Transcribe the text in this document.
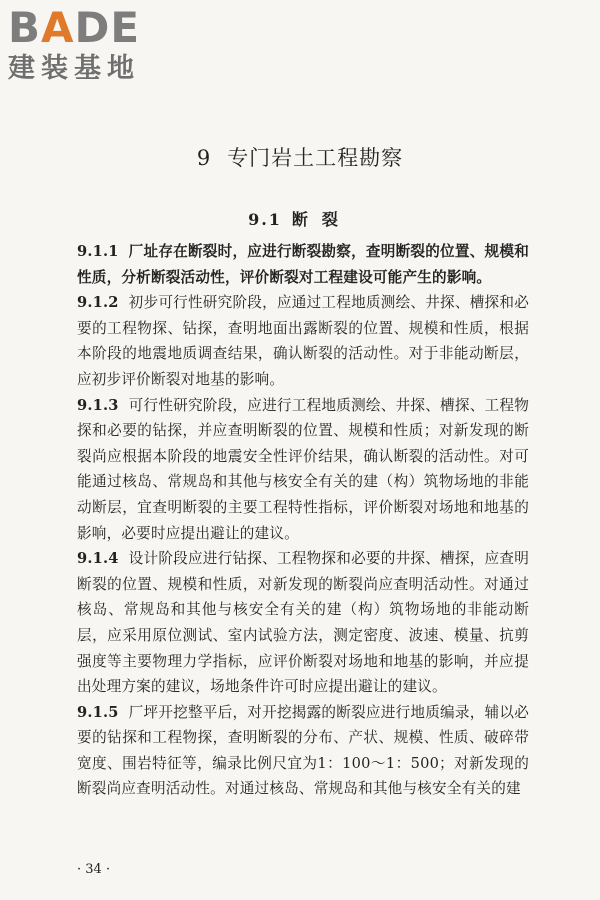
BADE
建装基地
9 专门岩土工程勘察
9.1 断裂

9.1.1 厂址存在断裂时，应进行断裂勘察，查明断裂的位置、规模和性质，分析断裂活动性，评价断裂对工程建设可能产生的影响。

9.1.2 初步可行性研究阶段，应通过工程地质测绘、井探、槽探和必要的工程物探、钻探，查明地面出露断裂的位置、规模和性质，根据本阶段的地震地质调查结果，确认断裂的活动性。对于非能动断层，应初步评价断裂对地基的影响。

9.1.3 可行性研究阶段，应进行工程地质测绘、井探、槽探、工程物探和必要的钻探，并应查明断裂的位置、规模和性质；对新发现的断裂尚应根据本阶段的地震安全性评价结果，确认断裂的活动性。对可能通过核岛、常规岛和其他与核安全有关的建（构）筑物场地的非能动断层，宜查明断裂的主要工程特性指标，评价断裂对场地和地基的影响，必要时应提出避让的建议。

9.1.4 设计阶段应进行钻探、工程物探和必要的井探、槽探，应查明断裂的位置、规模和性质，对新发现的断裂尚应查明活动性。对通过核岛、常规岛和其他与核安全有关的建（构）筑物场地的非能动断层，应采用原位测试、室内试验方法，测定密度、波速、模量、抗剪强度等主要物理力学指标，应评价断裂对场地和地基的影响，并应提出处理方案的建议，场地条件许可时应提出避让的建议。

9.1.5 厂坪开挖整平后，对开挖揭露的断裂应进行地质编录，辅以必要的钻探和工程物探，查明断裂的分布、产状、规模、性质、破碎带宽度、围岩特征等，编录比例尺宜为1：100～1：500；对新发现的断裂尚应查明活动性。对通过核岛、常规岛和其他与核安全有关的建

· 34 ·
